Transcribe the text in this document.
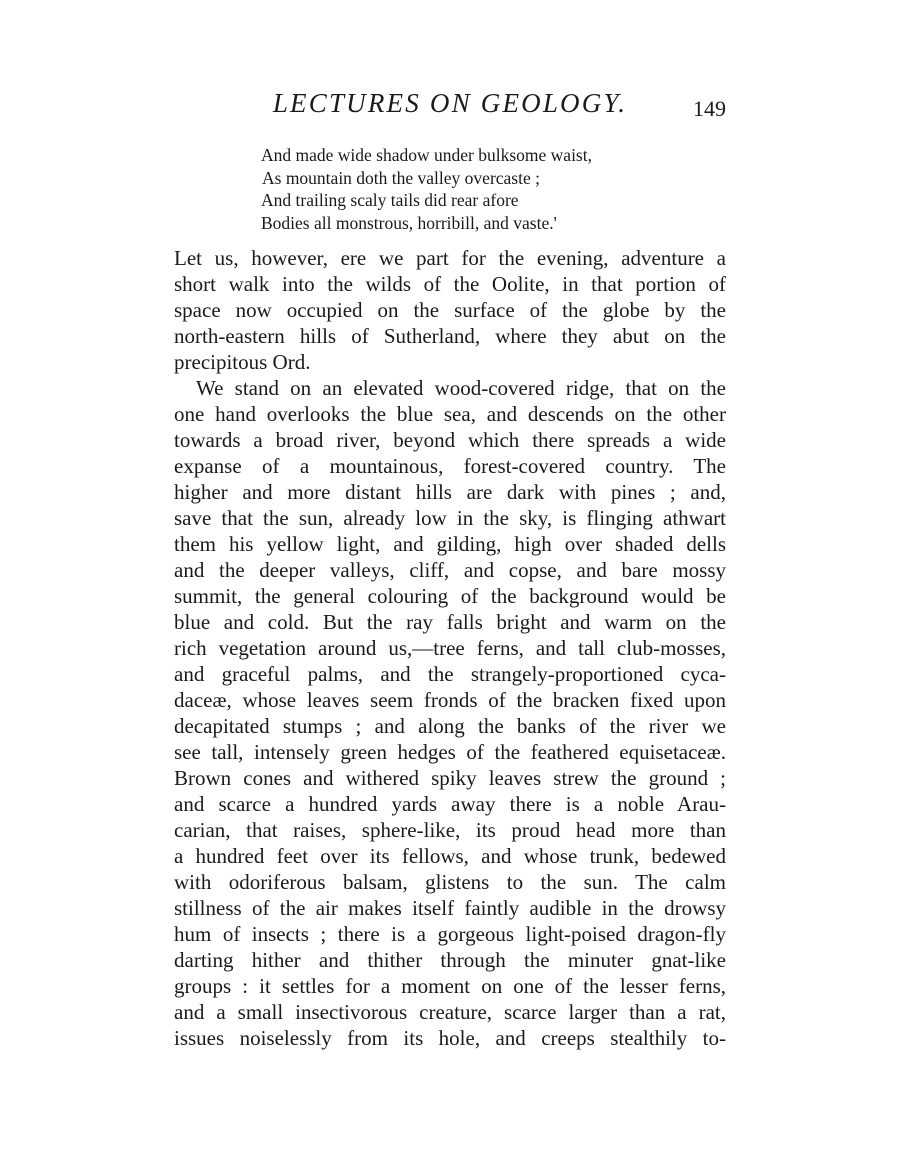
LECTURES ON GEOLOGY.	149
And made wide shadow under bulksome waist,
As mountain doth the valley overcaste ;
And trailing scaly tails did rear afore
Bodies all monstrous, horribill, and vaste.'
Let us, however, ere we part for the evening, adventure a
short walk into the wilds of the Oolite, in that portion of
space now occupied on the surface of the globe by the
north-eastern hills of Sutherland, where they abut on the
precipitous Ord.
We stand on an elevated wood-covered ridge, that on the
one hand overlooks the blue sea, and descends on the other
towards a broad river, beyond which there spreads a wide
expanse of a mountainous, forest-covered country. The
higher and more distant hills are dark with pines ; and,
save that the sun, already low in the sky, is flinging athwart
them his yellow light, and gilding, high over shaded dells
and the deeper valleys, cliff, and copse, and bare mossy
summit, the general colouring of the background would be
blue and cold. But the ray falls bright and warm on the
rich vegetation around us,—tree ferns, and tall club-mosses,
and graceful palms, and the strangely-proportioned cyca-
daceæ, whose leaves seem fronds of the bracken fixed upon
decapitated stumps ; and along the banks of the river we
see tall, intensely green hedges of the feathered equisetaceæ.
Brown cones and withered spiky leaves strew the ground ;
and scarce a hundred yards away there is a noble Arau-
carian, that raises, sphere-like, its proud head more than
a hundred feet over its fellows, and whose trunk, bedewed
with odoriferous balsam, glistens to the sun. The calm
stillness of the air makes itself faintly audible in the drowsy
hum of insects ; there is a gorgeous light-poised dragon-fly
darting hither and thither through the minuter gnat-like
groups : it settles for a moment on one of the lesser ferns,
and a small insectivorous creature, scarce larger than a rat,
issues noiselessly from its hole, and creeps stealthily to-
